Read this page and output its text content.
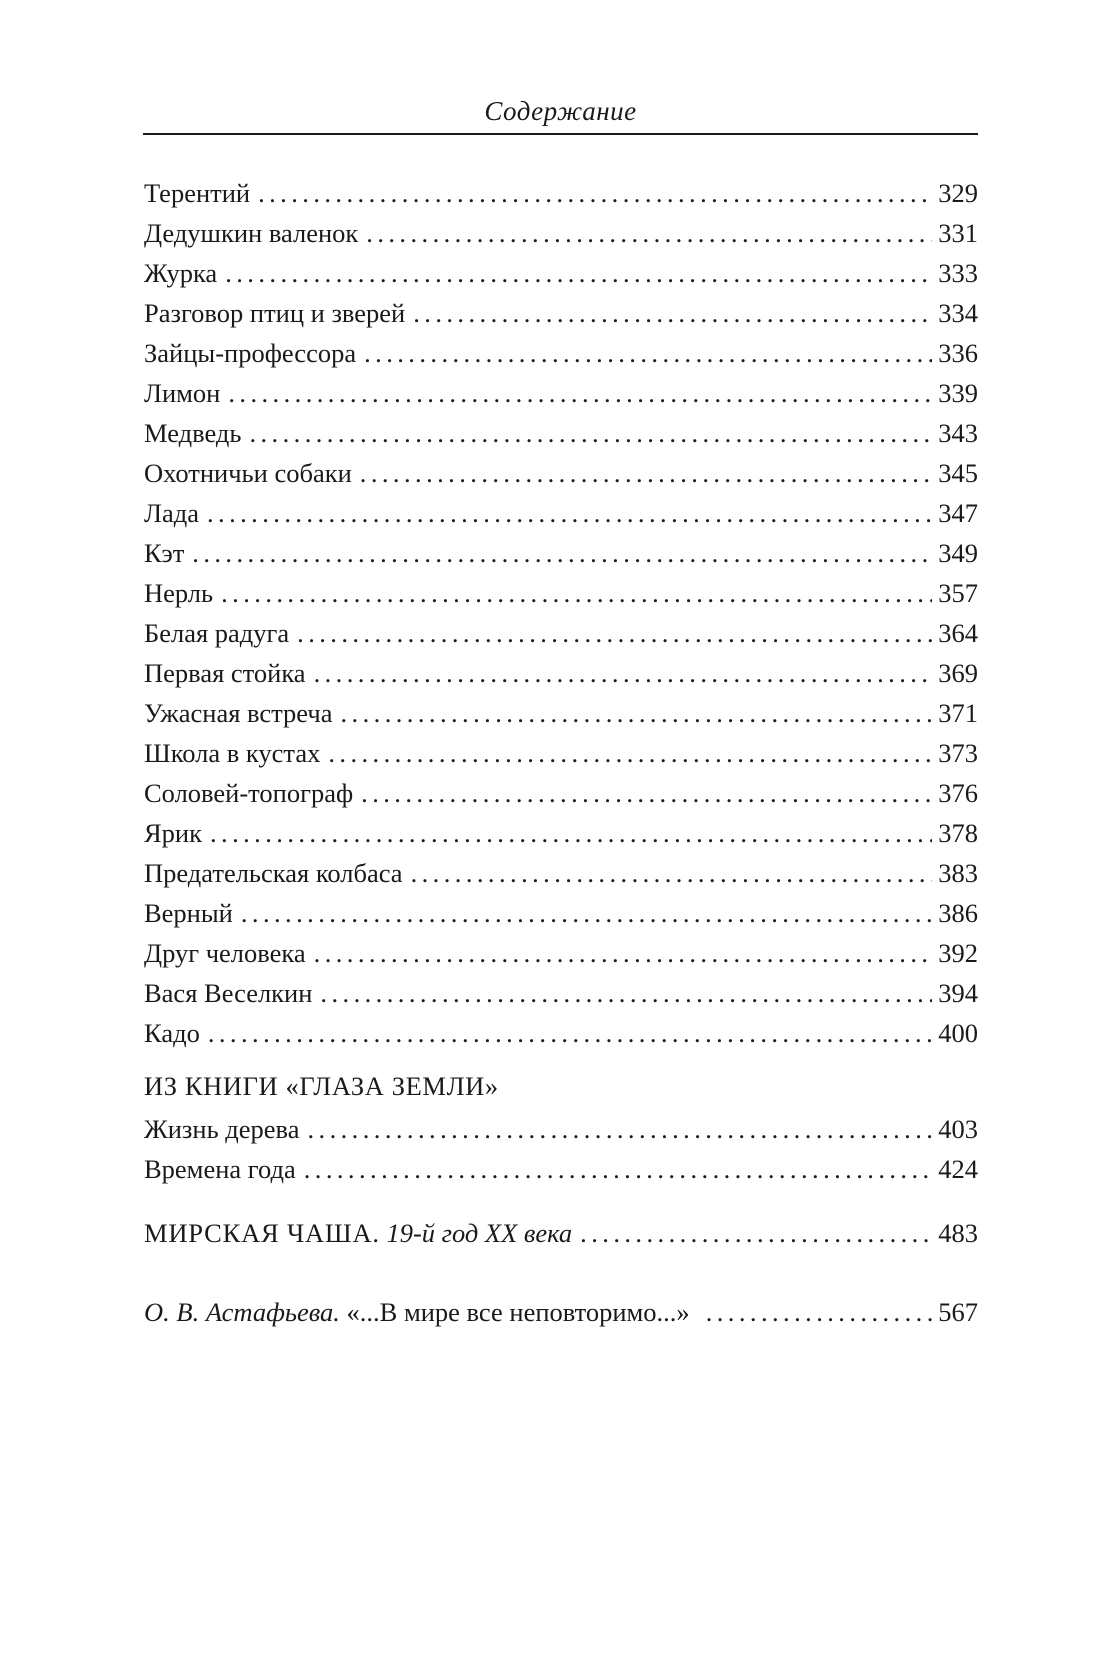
Содержание
Терентий . . .	329
Дедушкин валенок . . .	331
Журка . . .	333
Разговор птиц и зверей . . .	334
Зайцы-профессора . . .	336
Лимон . . .	339
Медведь . . .	343
Охотничьи собаки . . .	345
Лада . . .	347
Кэт . . .	349
Нерль . . .	357
Белая радуга . . .	364
Первая стойка . . .	369
Ужасная встреча . . .	371
Школа в кустах . . .	373
Соловей-топограф . . .	376
Ярик . . .	378
Предательская колбаса . . .	383
Верный . . .	386
Друг человека . . .	392
Вася Веселкин . . .	394
Кадо . . .	400
ИЗ КНИГИ «ГЛАЗА ЗЕМЛИ»
Жизнь дерева . . .	403
Времена года . . .	424
МИРСКАЯ ЧАША. 19-й год XX века . . .	483
О. В. Астафьева. «...В мире все неповторимо...» . . .	567
